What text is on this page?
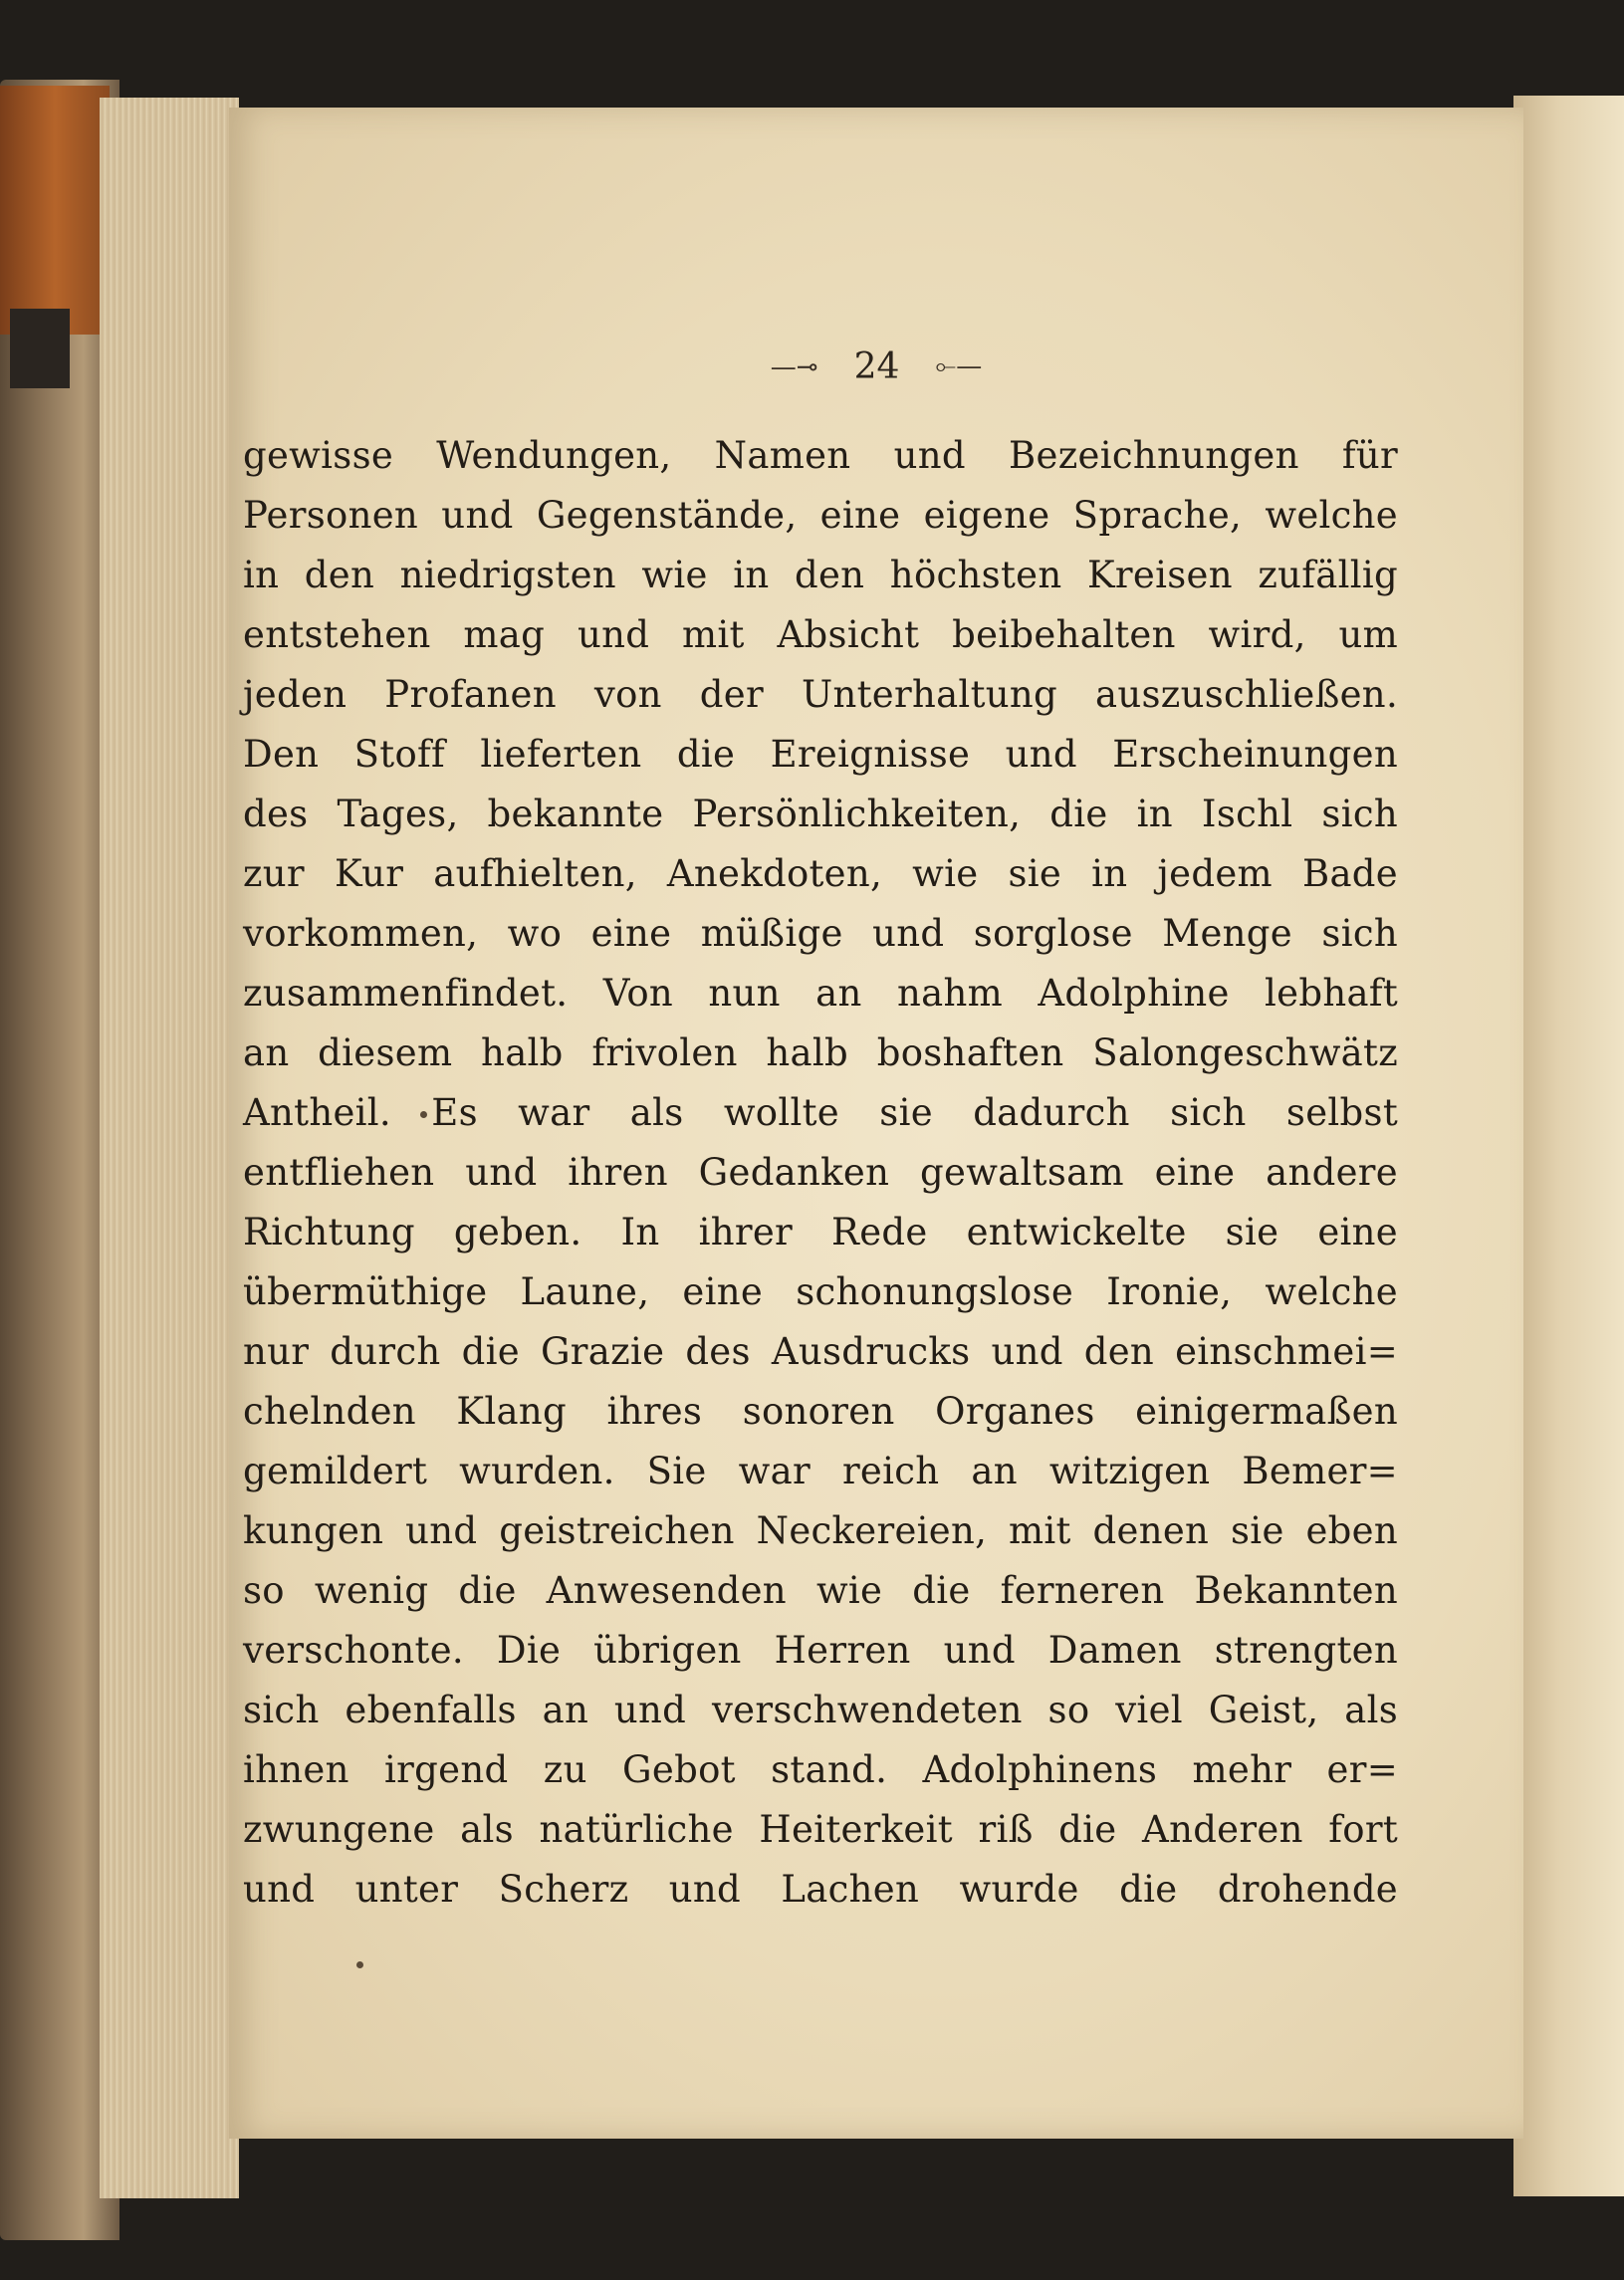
—⊸ 24 ⟜—
gewisse Wendungen, Namen und Bezeichnungen für
Personen und Gegenstände, eine eigene Sprache, welche
in den niedrigsten wie in den höchsten Kreisen zufällig
entstehen mag und mit Absicht beibehalten wird, um
jeden Profanen von der Unterhaltung auszuschließen.
Den Stoff lieferten die Ereignisse und Erscheinungen
des Tages, bekannte Persönlichkeiten, die in Ischl sich
zur Kur aufhielten, Anekdoten, wie sie in jedem Bade
vorkommen, wo eine müßige und sorglose Menge sich
zusammenfindet. Von nun an nahm Adolphine lebhaft
an diesem halb frivolen halb boshaften Salongeschwätz
Antheil. Es war als wollte sie dadurch sich selbst
entfliehen und ihren Gedanken gewaltsam eine andere
Richtung geben. In ihrer Rede entwickelte sie eine
übermüthige Laune, eine schonungslose Ironie, welche
nur durch die Grazie des Ausdrucks und den einschmei=
chelnden Klang ihres sonoren Organes einigermaßen
gemildert wurden. Sie war reich an witzigen Bemer=
kungen und geistreichen Neckereien, mit denen sie eben
so wenig die Anwesenden wie die ferneren Bekannten
verschonte. Die übrigen Herren und Damen strengten
sich ebenfalls an und verschwendeten so viel Geist, als
ihnen irgend zu Gebot stand. Adolphinens mehr er=
zwungene als natürliche Heiterkeit riß die Anderen fort
und unter Scherz und Lachen wurde die drohende
